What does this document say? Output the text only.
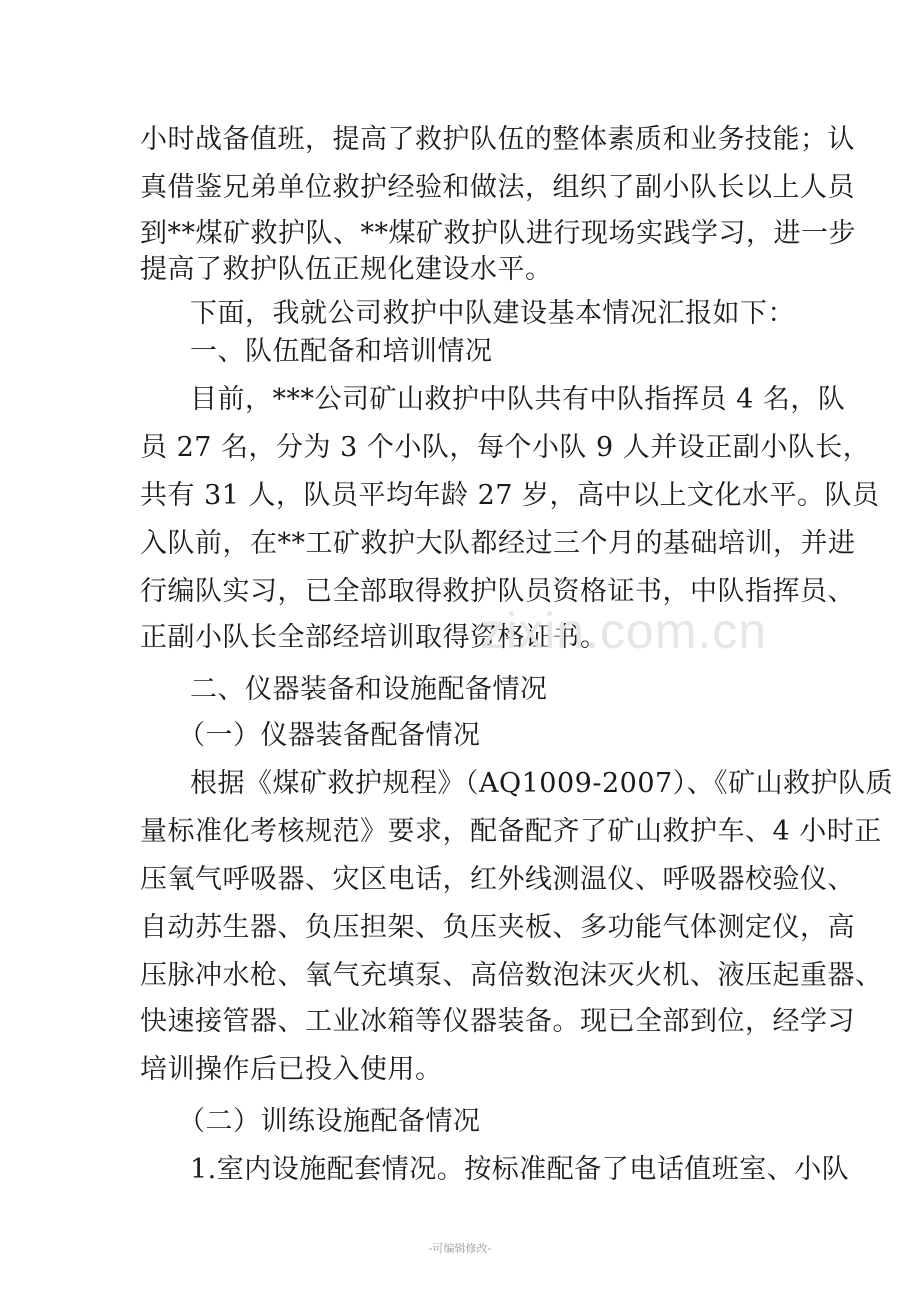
小时战备值班，提高了救护队伍的整体素质和业务技能；认
真借鉴兄弟单位救护经验和做法，组织了副小队长以上人员
到**煤矿救护队、**煤矿救护队进行现场实践学习，进一步
提高了救护队伍正规化建设水平。
下面，我就公司救护中队建设基本情况汇报如下：
一、队伍配备和培训情况
目前，***公司矿山救护中队共有中队指挥员 4 名，队
员 27 名，分为 3 个小队，每个小队 9 人并设正副小队长，
共有 31 人，队员平均年龄 27 岁，高中以上文化水平。队员
入队前，在**工矿救护大队都经过三个月的基础培训，并进
行编队实习，已全部取得救护队员资格证书，中队指挥员、
正副小队长全部经培训取得资格证书。
zixin.com.cn
二、仪器装备和设施配备情况
（一）仪器装备配备情况
根据《煤矿救护规程》（AQ1009-2007）、《矿山救护队质
量标准化考核规范》要求，配备配齐了矿山救护车、4 小时正
压氧气呼吸器、灾区电话，红外线测温仪、呼吸器校验仪、
自动苏生器、负压担架、负压夹板、多功能气体测定仪，高
压脉冲水枪、氧气充填泵、高倍数泡沫灭火机、液压起重器、
快速接管器、工业冰箱等仪器装备。现已全部到位，经学习
培训操作后已投入使用。
（二）训练设施配备情况
1.室内设施配套情况。按标准配备了电话值班室、小队
-可编辑修改-
